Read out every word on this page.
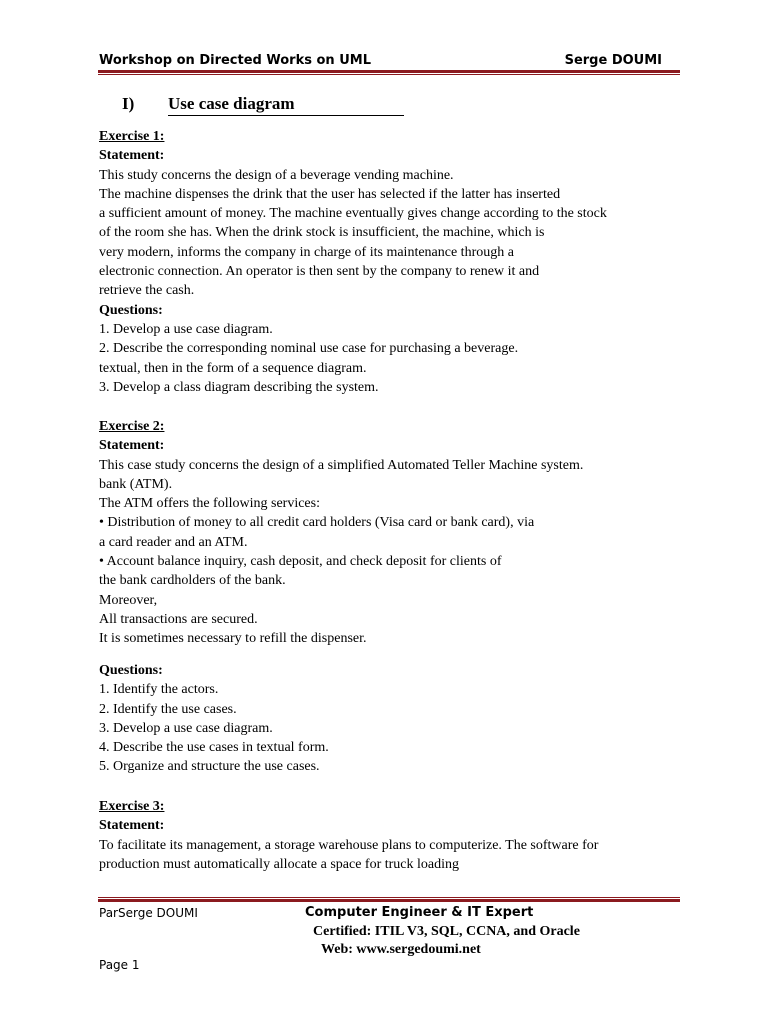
Workshop on Directed Works on UML	Serge DOUMI
I) Use case diagram
Exercise 1:
Statement:
This study concerns the design of a beverage vending machine.
The machine dispenses the drink that the user has selected if the latter has inserted
a sufficient amount of money. The machine eventually gives change according to the stock
of the room she has. When the drink stock is insufficient, the machine, which is
very modern, informs the company in charge of its maintenance through a
electronic connection. An operator is then sent by the company to renew it and
retrieve the cash.
Questions:
1. Develop a use case diagram.
2. Describe the corresponding nominal use case for purchasing a beverage.
textual, then in the form of a sequence diagram.
3. Develop a class diagram describing the system.
Exercise 2:
Statement:
This case study concerns the design of a simplified Automated Teller Machine system.
bank (ATM).
The ATM offers the following services:
• Distribution of money to all credit card holders (Visa card or bank card), via
a card reader and an ATM.
• Account balance inquiry, cash deposit, and check deposit for clients of
the bank cardholders of the bank.
Moreover,
All transactions are secured.
It is sometimes necessary to refill the dispenser.
Questions:
1. Identify the actors.
2. Identify the use cases.
3. Develop a use case diagram.
4. Describe the use cases in textual form.
5. Organize and structure the use cases.
Exercise 3:
Statement:
To facilitate its management, a storage warehouse plans to computerize. The software for
production must automatically allocate a space for truck loading
ParSerge DOUMI
Page 1
Computer Engineer & IT Expert
Certified: ITIL V3, SQL, CCNA, and Oracle
Web: www.sergedoumi.net
